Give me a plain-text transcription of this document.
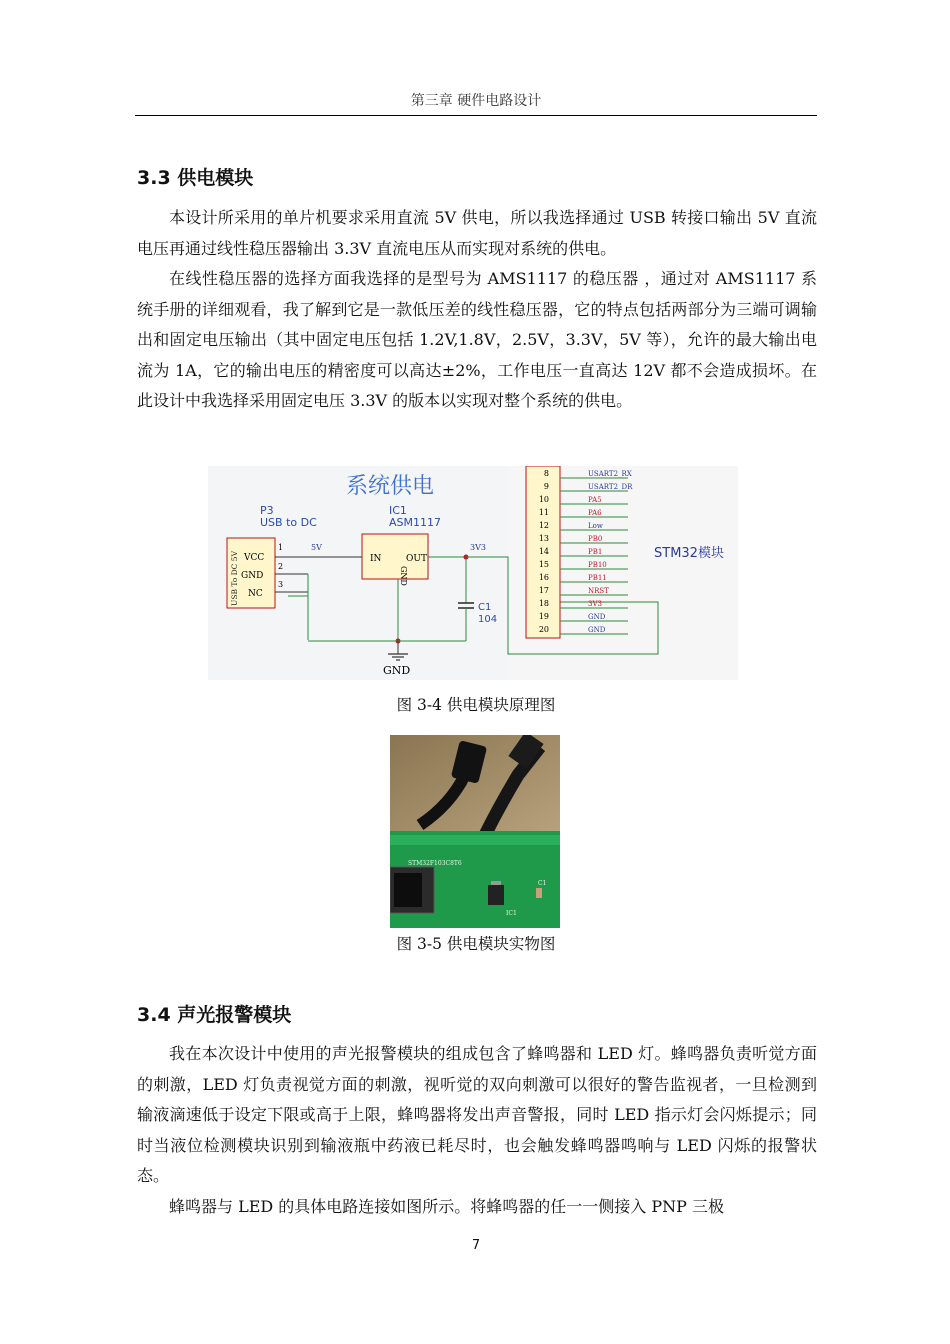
第三章 硬件电路设计
3.3 供电模块

本设计所采用的单片机要求采用直流 5V 供电，所以我选择通过 USB 转接口输出 5V 直流电压再通过线性稳压器输出 3.3V 直流电压从而实现对系统的供电。

在线性稳压器的选择方面我选择的是型号为 AMS1117 的稳压器 ，通过对 AMS1117 系统手册的详细观看，我了解到它是一款低压差的线性稳压器，它的特点包括两部分为三端可调输出和固定电压输出（其中固定电压包括 1.2V,1.8V，2.5V，3.3V，5V 等），允许的最大输出电流为 1A，它的输出电压的精密度可以高达±2%，工作电压一直高达 12V 都不会造成损坏。在此设计中我选择采用固定电压 3.3V 的版本以实现对整个系统的供电。

系统供电
P3
USB to DC
USB To DC 5V VCC
GND
NC
1
2
3
5V
IC1
ASM1117
IN	OUT
GND
3V3
C1
104
GND
8	USART2_RX
9	USART2_DR
10	PA5
11	PA6
12	Low
13	PB0
14	PB1
15	PB10
16	PB11
17	NRST
18	3V3
19	GND
20	GND
STM32模块
图 3-4 供电模块原理图
STM32F103C8T6
C1
IC1
图 3-5 供电模块实物图
3.4 声光报警模块

我在本次设计中使用的声光报警模块的组成包含了蜂鸣器和 LED 灯。蜂鸣器负责听觉方面的刺激，LED 灯负责视觉方面的刺激，视听觉的双向刺激可以很好的警告监视者，一旦检测到输液滴速低于设定下限或高于上限，蜂鸣器将发出声音警报，同时 LED 指示灯会闪烁提示；同时当液位检测模块识别到输液瓶中药液已耗尽时，也会触发蜂鸣器鸣响与 LED 闪烁的报警状态。

蜂鸣器与 LED 的具体电路连接如图所示。将蜂鸣器的任一一侧接入 PNP 三极

7
